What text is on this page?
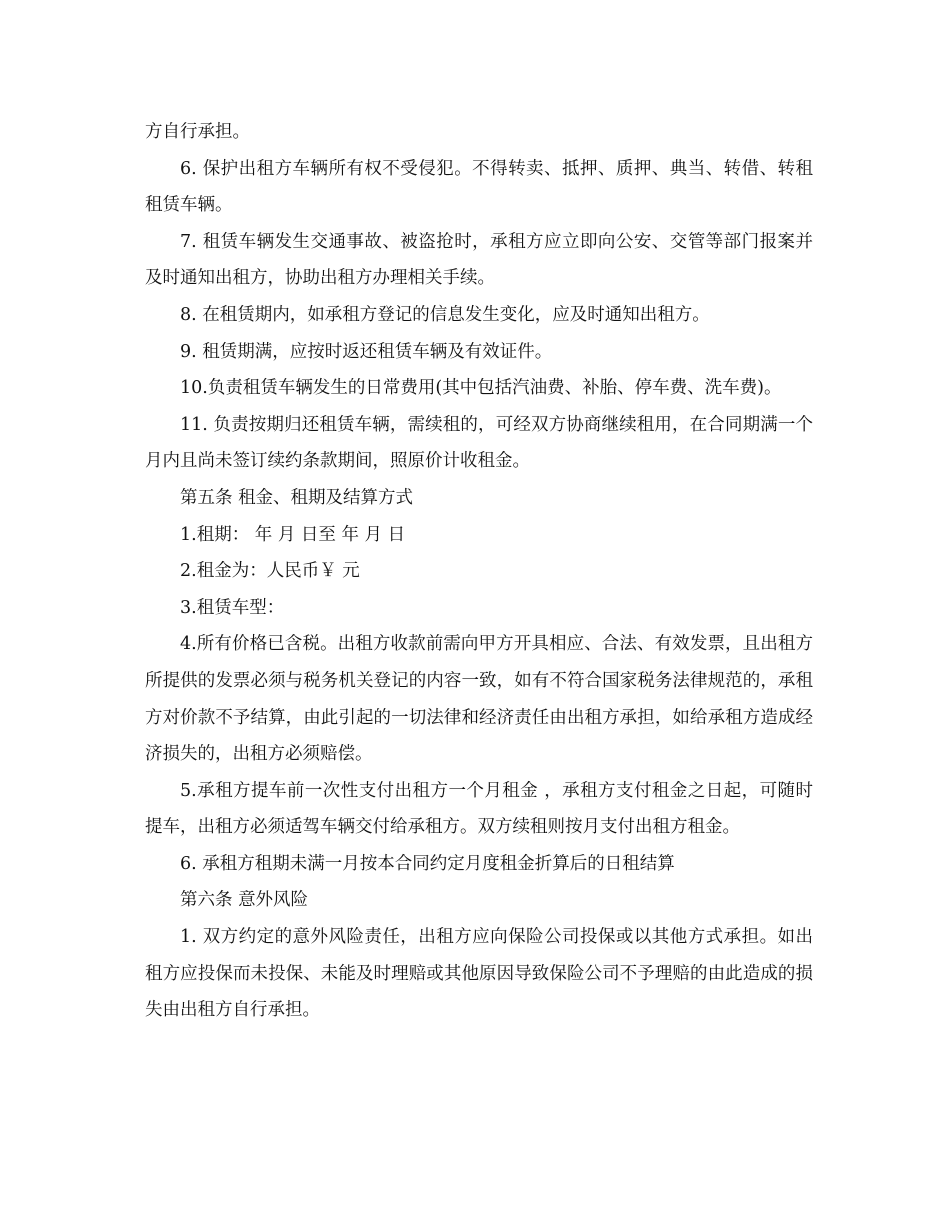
方自行承担。

6. 保护出租方车辆所有权不受侵犯。不得转卖、抵押、质押、典当、转借、转租租赁车辆。

7. 租赁车辆发生交通事故、被盗抢时，承租方应立即向公安、交管等部门报案并及时通知出租方，协助出租方办理相关手续。

8. 在租赁期内，如承租方登记的信息发生变化，应及时通知出租方。

9. 租赁期满，应按时返还租赁车辆及有效证件。

10.负责租赁车辆发生的日常费用(其中包括汽油费、补胎、停车费、洗车费)。

11. 负责按期归还租赁车辆，需续租的，可经双方协商继续租用，在合同期满一个月内且尚未签订续约条款期间，照原价计收租金。

第五条 租金、租期及结算方式

1.租期： 年 月 日至 年 月 日

2.租金为：人民币￥ 元

3.租赁车型：

4.所有价格已含税。出租方收款前需向甲方开具相应、合法、有效发票，且出租方所提供的发票必须与税务机关登记的内容一致，如有不符合国家税务法律规范的，承租方对价款不予结算，由此引起的一切法律和经济责任由出租方承担，如给承租方造成经济损失的，出租方必须赔偿。

5.承租方提车前一次性支付出租方一个月租金 ，承租方支付租金之日起，可随时提车，出租方必须适驾车辆交付给承租方。双方续租则按月支付出租方租金。

6. 承租方租期未满一月按本合同约定月度租金折算后的日租结算

第六条 意外风险

1. 双方约定的意外风险责任，出租方应向保险公司投保或以其他方式承担。如出租方应投保而未投保、未能及时理赔或其他原因导致保险公司不予理赔的由此造成的损失由出租方自行承担。
